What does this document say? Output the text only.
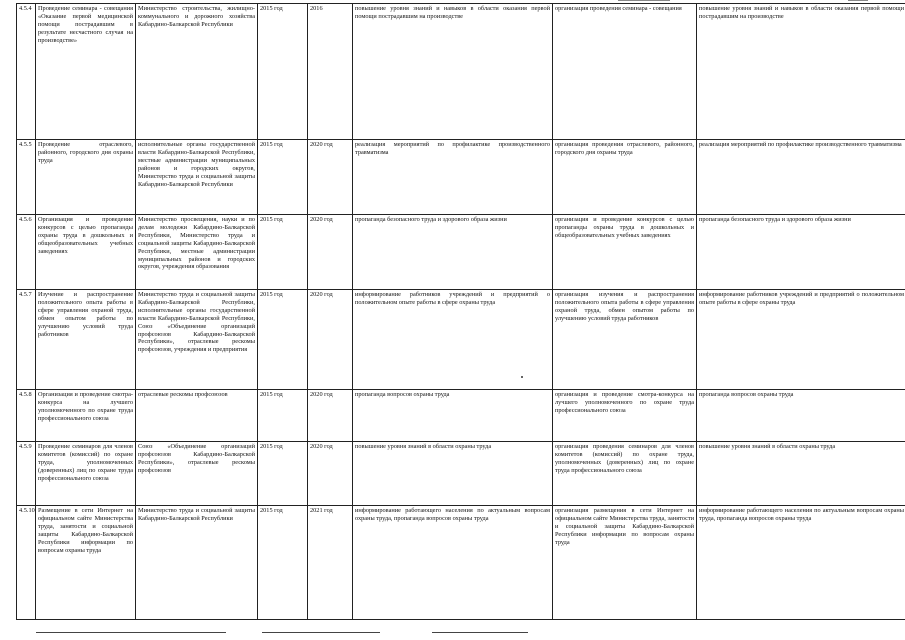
4.5.4	Проведение семинара - совещания «Оказание первой медицинской помощи пострадавшим в результате несчастного случая на производстве»	Министерство строительства, жилищно-коммунального и дорожного хозяйства Кабардино-Балкарской Республики	2015 год	2016	повышение уровня знаний и навыков в области оказания первой помощи пострадавшим на производстве	организация проведения семинара - совещания	повышение уровня знаний и навыков в области оказания первой помощи пострадавшим на производстве
4.5.5	Проведение отраслевого, районного, городского дня охраны труда	исполнительные органы государственной власти Кабардино-Балкарской Республики, местные администрации муниципальных районов и городских округов, Министерство труда и социальной защиты Кабардино-Балкарской Республики	2015 год	2020 год	реализация мероприятий по профилактике производственного травматизма	организация проведения отраслевого, районного, городского дня охраны труда	реализация мероприятий по профилактике производственного травматизма
4.5.6	Организация и проведение конкурсов с целью пропаганды охраны труда в дошкольных и общеобразовательных учебных заведениях	Министерство просвещения, науки и по делам молодежи Кабардино-Балкарской Республики, Министерство труда и социальной защиты Кабардино-Балкарской Республики, местные администрации муниципальных районов и городских округов, учреждения образования	2015 год	2020 год	пропаганда безопасного труда и здорового образа жизни	организация и проведение конкурсов с целью пропаганды охраны труда в дошкольных и общеобразовательных учебных заведениях	пропаганда безопасного труда и здорового образа жизни
4.5.7	Изучение и распространение положительного опыта работы в сфере управления охраной труда, обмен опытом работы по улучшению условий труда работников	Министерство труда и социальной защиты Кабардино-Балкарской Республики, исполнительные органы государственной власти Кабардино-Балкарской Республики, Союз «Объединение организаций профсоюзов Кабардино-Балкарской Республики», отраслевые рескомы профсоюзов, учреждения и предприятия	2015 год	2020 год	информирование работников учреждений и предприятий о положительном опыте работы в сфере охраны труда	организация изучения и распространения положительного опыта работы в сфере управления охраной труда, обмен опытом работы по улучшению условий труда работников	информирование работников учреждений и предприятий о положительном опыте работы в сфере охраны труда
4.5.8	Организация и проведение смотра-конкурса на лучшего уполномоченного по охране труда профессионального союза	отраслевые рескомы профсоюзов	2015 год	2020 год	пропаганда вопросов охраны труда	организация и проведение смотра-конкурса на лучшего уполномоченного по охране труда профессионального союза	пропаганда вопросов охраны труда
4.5.9	Проведение семинаров для членов комитетов (комиссий) по охране труда, уполномоченных (доверенных) лиц по охране труда профессионального союза	Союз «Объединение организаций профсоюзов Кабардино-Балкарской Республики», отраслевые рескомы профсоюзов	2015 год	2020 год	повышение уровня знаний в области охраны труда	организация проведения семинаров для членов комитетов (комиссий) по охране труда, уполномоченных (доверенных) лиц по охране труда профессионального союза	повышение уровня знаний в области охраны труда
4.5.10	Размещение в сети Интернет на официальном сайте Министерства труда, занятости и социальной защиты Кабардино-Балкарской Республики информации по вопросам охраны труда	Министерство труда и социальной защиты Кабардино-Балкарской Республики	2015 год	2021 год	информирование работающего населения по актуальным вопросам охраны труда, пропаганда вопросов охраны труда	организация размещения в сети Интернет на официальном сайте Министерства труда, занятости и социальной защиты Кабардино-Балкарской Республики информации по вопросам охраны труда	информирование работающего населения по актуальным вопросам охраны труда, пропаганда вопросов охраны труда
